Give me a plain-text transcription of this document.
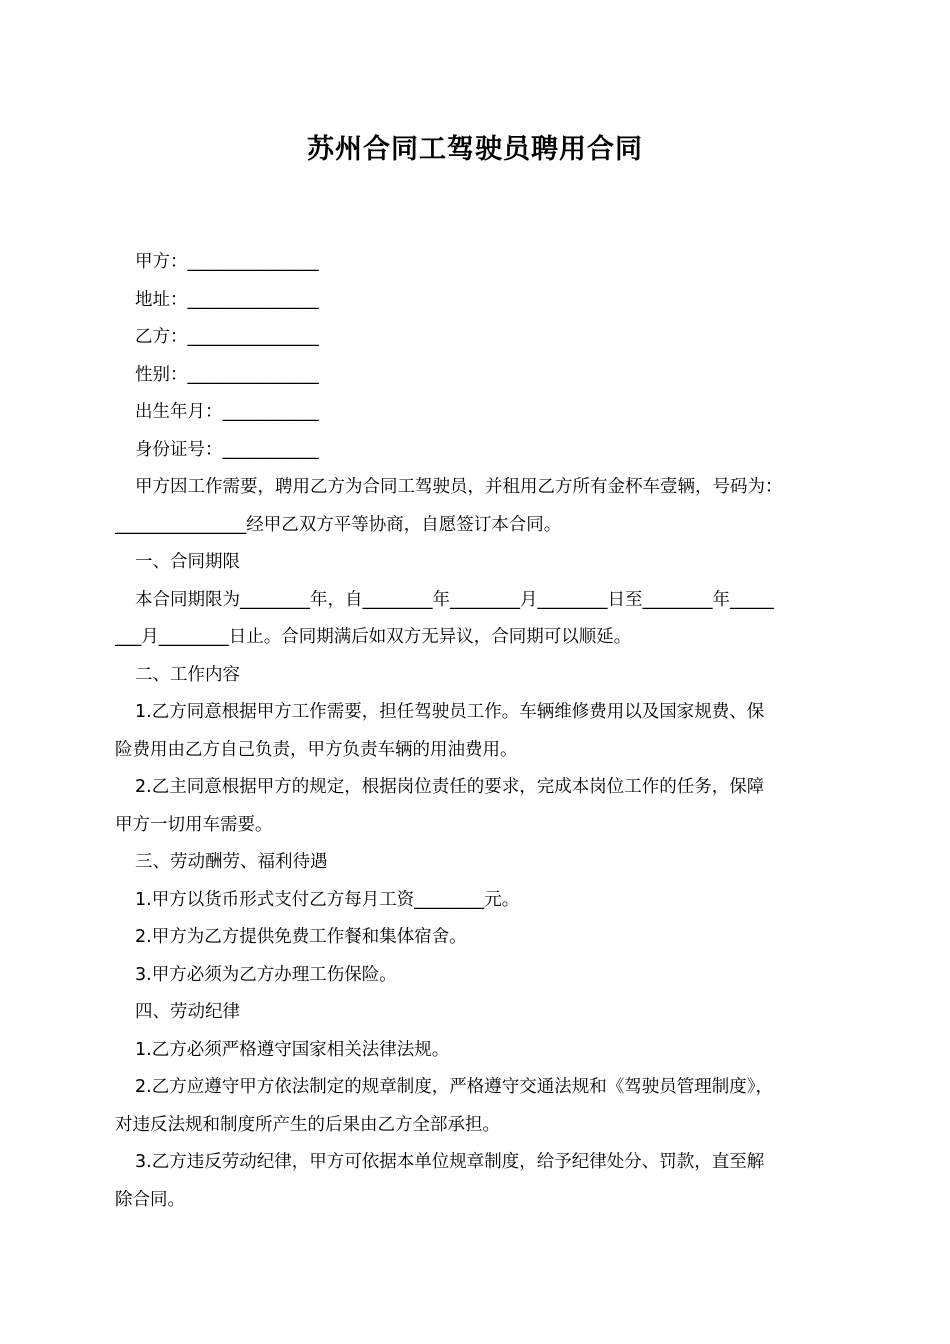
苏州合同工驾驶员聘用合同
甲方：_______________
地址：_______________
乙方：_______________
性别：_______________
出生年月：___________
身份证号：___________
甲方因工作需要，聘用乙方为合同工驾驶员，并租用乙方所有金杯车壹辆，号码为：
_______________经甲乙双方平等协商，自愿签订本合同。
一、合同期限
本合同期限为________年，自________年________月________日至________年_____
___月________日止。合同期满后如双方无异议，合同期可以顺延。
二、工作内容
1.乙方同意根据甲方工作需要，担任驾驶员工作。车辆维修费用以及国家规费、保
险费用由乙方自己负责，甲方负责车辆的用油费用。
2.乙主同意根据甲方的规定，根据岗位责任的要求，完成本岗位工作的任务，保障
甲方一切用车需要。
三、劳动酬劳、福利待遇
1.甲方以货币形式支付乙方每月工资________元。
2.甲方为乙方提供免费工作餐和集体宿舍。
3.甲方必须为乙方办理工伤保险。
四、劳动纪律
1.乙方必须严格遵守国家相关法律法规。
2.乙方应遵守甲方依法制定的规章制度，严格遵守交通法规和《驾驶员管理制度》，
对违反法规和制度所产生的后果由乙方全部承担。
3.乙方违反劳动纪律，甲方可依据本单位规章制度，给予纪律处分、罚款，直至解
除合同。
